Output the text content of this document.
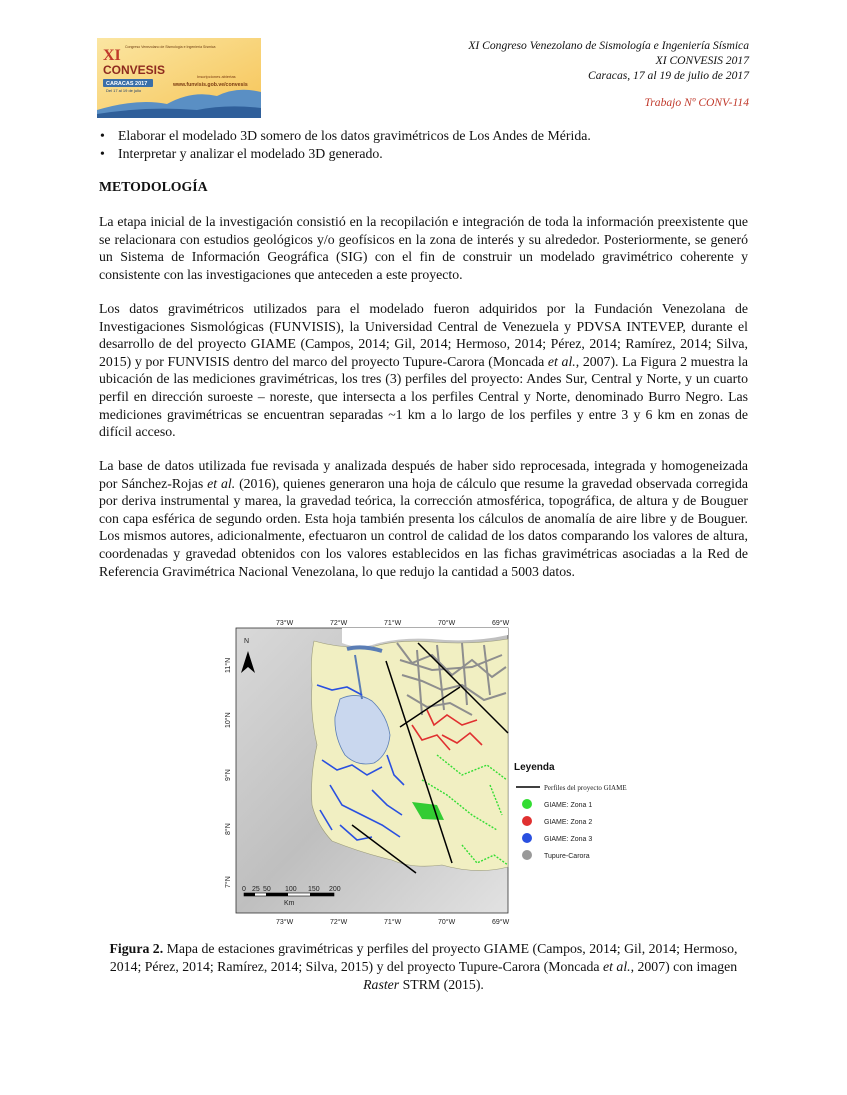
XI
CONVESIS
Congreso Venezolano de Sismología e Ingeniería Sísmica
CARACAS 2017
Del 17 al 19 de julio
Inscripciones abiertas
www.funvisis.gob.ve/convesis
XI Congreso Venezolano de Sismología e Ingeniería Sísmica
XI CONVESIS 2017
Caracas, 17 al 19 de julio de 2017
Trabajo Nº CONV-114
• Elaborar el modelado 3D somero de los datos gravimétricos de Los Andes de Mérida.
• Interpretar y analizar el modelado 3D generado.
METODOLOGÍA
La etapa inicial de la investigación consistió en la recopilación e integración de toda la información preexistente que se relacionara con estudios geológicos y/o geofísicos en la zona de interés y su alrededor. Posteriormente, se generó un Sistema de Información Geográfica (SIG) con el fin de construir un modelado gravimétrico coherente y consistente con las investigaciones que anteceden a este proyecto.
Los datos gravimétricos utilizados para el modelado fueron adquiridos por la Fundación Venezolana de Investigaciones Sismológicas (FUNVISIS), la Universidad Central de Venezuela y PDVSA INTEVEP, durante el desarrollo de del proyecto GIAME (Campos, 2014; Gil, 2014; Hermoso, 2014; Pérez, 2014; Ramírez, 2014; Silva, 2015) y por FUNVISIS dentro del marco del proyecto Tupure-Carora (Moncada et al., 2007). La Figura 2 muestra la ubicación de las mediciones gravimétricas, los tres (3) perfiles del proyecto: Andes Sur, Central y Norte, y un cuarto perfil en dirección suroeste – noreste, que intersecta a los perfiles Central y Norte, denominado Burro Negro. Las mediciones gravimétricas se encuentran separadas ~1 km a lo largo de los perfiles y entre 3 y 6 km en zonas de difícil acceso.
La base de datos utilizada fue revisada y analizada después de haber sido reprocesada, integrada y homogeneizada por Sánchez-Rojas et al. (2016), quienes generaron una hoja de cálculo que resume la gravedad observada corregida por deriva instrumental y marea, la gravedad teórica, la corrección atmosférica, topográfica, de altura y de Bouguer con capa esférica de segundo orden. Esta hoja también presenta los cálculos de anomalía de aire libre y de Bouguer. Los mismos autores, adicionalmente, efectuaron un control de calidad de los datos comparando los valores de altura, coordenadas y gravedad obtenidos con los valores establecidos en las fichas gravimétricas asociadas a la Red de Referencia Gravimétrica Nacional Venezolana, lo que redujo la cantidad a 5003 datos.
N
0 25 50 100 150 200
Km
73°W	72°W	71°W	70°W	69°W
73°W	72°W	71°W	70°W	69°W
11°N
10°N
9°N
8°N
7°N
Leyenda
Perfiles del proyecto GIAME
GIAME: Zona 1
GIAME: Zona 2
GIAME: Zona 3
Tupure-Carora
Figura 2. Mapa de estaciones gravimétricas y perfiles del proyecto GIAME (Campos, 2014; Gil, 2014; Hermoso, 2014; Pérez, 2014; Ramírez, 2014; Silva, 2015) y del proyecto Tupure-Carora (Moncada et al., 2007) con imagen Raster STRM (2015).
